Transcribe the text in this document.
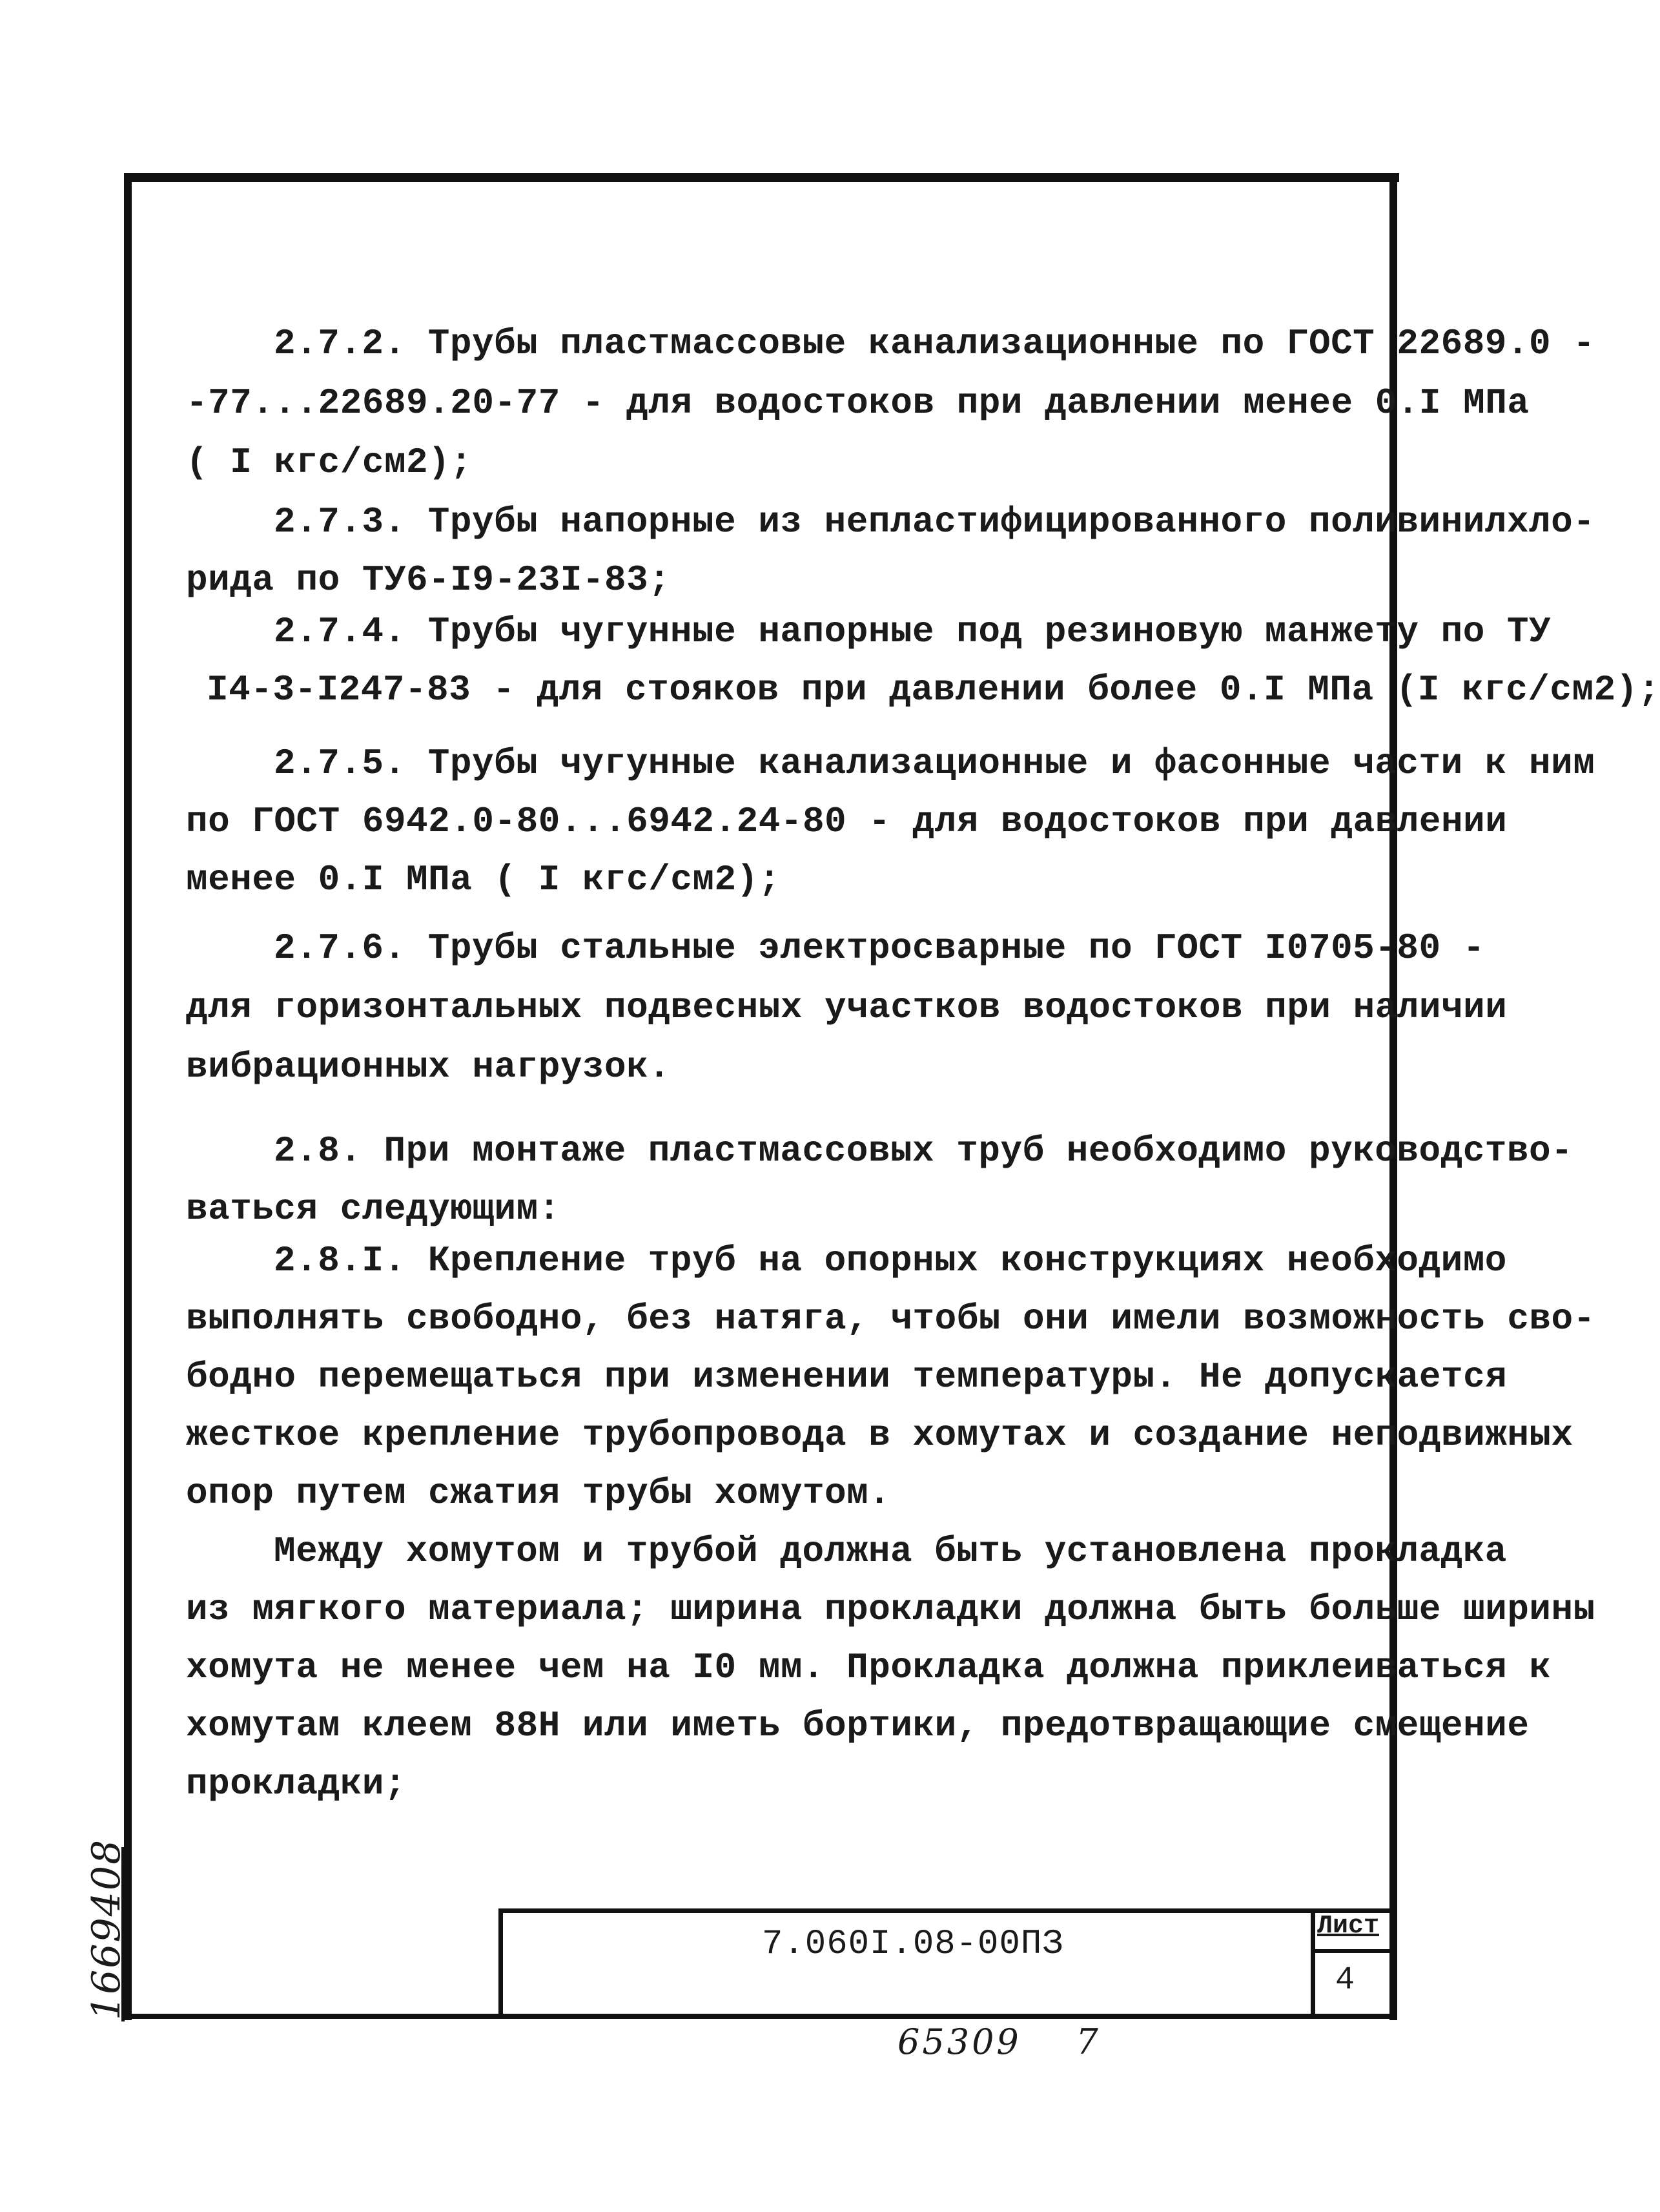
2.7.2. Трубы пластмассовые канализационные по ГОСТ 22689.0 -
-77...22689.20-77 - для водостоков при давлении менее 0.I МПа
( I кгс/см2);
2.7.3. Трубы напорные из непластифицированного поливинилхло-
рида по ТУ6-I9-23I-83;
2.7.4. Трубы чугунные напорные под резиновую манжету по ТУ
I4-3-I247-83 - для стояков при давлении более 0.I МПа (I кгс/см2);
2.7.5. Трубы чугунные канализационные и фасонные части к ним
по ГОСТ 6942.0-80...6942.24-80 - для водостоков при давлении
менее 0.I МПа ( I кгс/см2);
2.7.6. Трубы стальные электросварные по ГОСТ I0705-80 -
для горизонтальных подвесных участков водостоков при наличии
вибрационных нагрузок.
2.8. При монтаже пластмассовых труб необходимо руководство-
ваться следующим:
2.8.I. Крепление труб на опорных конструкциях необходимо
выполнять свободно, без натяга, чтобы они имели возможность сво-
бодно перемещаться при изменении температуры. Не допускается
жесткое крепление трубопровода в хомутах и создание неподвижных
опор путем сжатия трубы хомутом.
Между хомутом и трубой должна быть установлена прокладка
из мягкого материала; ширина прокладки должна быть больше ширины
хомута не менее чем на I0 мм. Прокладка должна приклеиваться к
хомутам клеем 88Н или иметь бортики, предотвращающие смещение
прокладки;
7.060I.08-00ПЗ	Лист
4
1669408
65309    7
